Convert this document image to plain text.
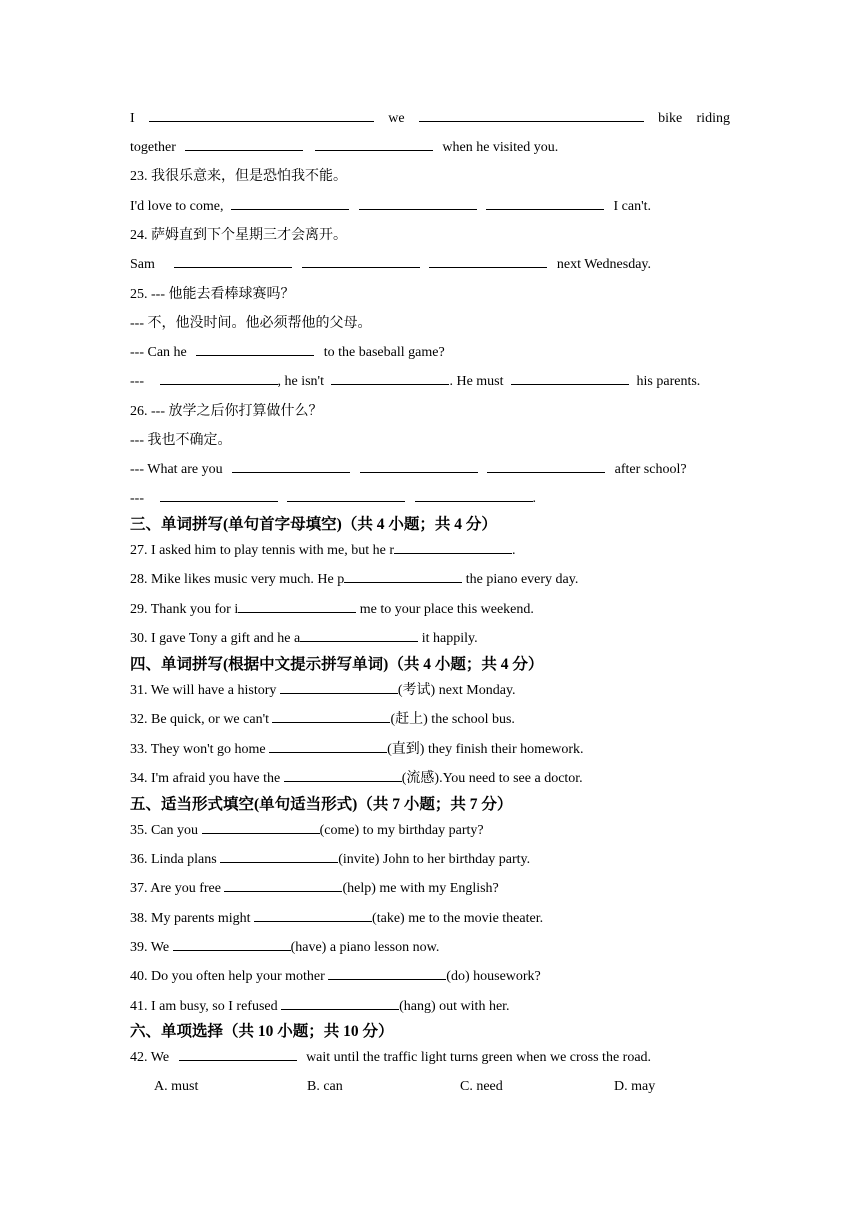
I	we	bike riding
together	when he visited you.
23. 我很乐意来，但是恐怕我不能。
I'd love to come,	I can't.
24. 萨姆直到下个星期三才会离开。
Sam	next Wednesday.
25. --- 他能去看棒球赛吗？
--- 不，他没时间。他必须帮他的父母。
--- Can he	to the baseball game?
---	, he isn't	. He must	his parents.
26. --- 放学之后你打算做什么？
--- 我也不确定。
--- What are you	after school?
---	.
三、单词拼写(单句首字母填空)（共 4 小题；共 4 分）
27. I asked him to play tennis with me, but he r	.
28. Mike likes music very much. He p	the piano every day.
29. Thank you for i	me to your place this weekend.
30. I gave Tony a gift and he a	it happily.
四、单词拼写(根据中文提示拼写单词)（共 4 小题；共 4 分）
31. We will have a history	(考试) next Monday.
32. Be quick, or we can't	(赶上) the school bus.
33. They won't go home	(直到) they finish their homework.
34. I'm afraid you have the	(流感).You need to see a doctor.
五、适当形式填空(单句适当形式)（共 7 小题；共 7 分）
35. Can you	(come) to my birthday party?
36. Linda plans	(invite) John to her birthday party.
37. Are you free	(help) me with my English?
38. My parents might	(take) me to the movie theater.
39. We	(have) a piano lesson now.
40. Do you often help your mother	(do) housework?
41. I am busy, so I refused	(hang) out with her.
六、单项选择（共 10 小题；共 10 分）
42. We	wait until the traffic light turns green when we cross the road.
A. must	B. can	C. need	D. may
